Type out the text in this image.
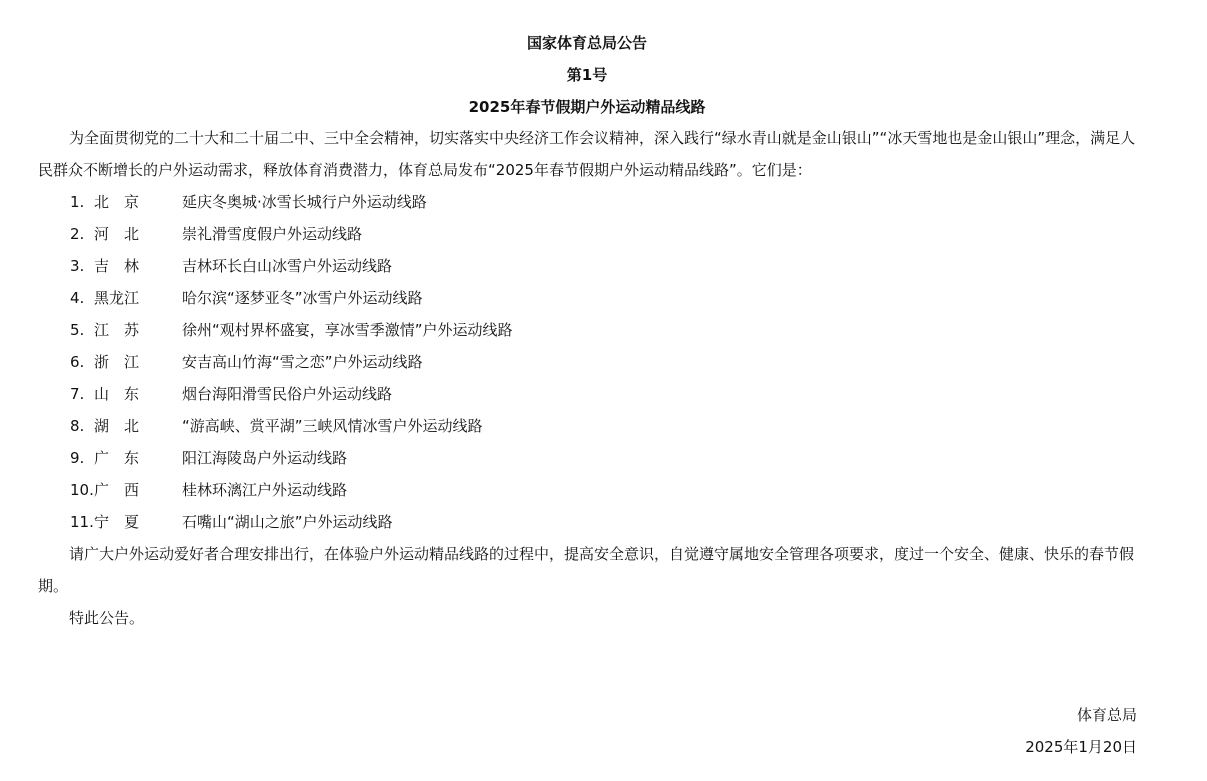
国家体育总局公告
第1号
2025年春节假期户外运动精品线路

为全面贯彻党的二十大和二十届二中、三中全会精神，切实落实中央经济工作会议精神，深入践行“绿水青山就是金山银山”“冰天雪地也是金山银山”理念，满足人民群众不断增长的户外运动需求，释放体育消费潜力，体育总局发布“2025年春节假期户外运动精品线路”。它们是：

1. 北　京	延庆冬奥城·冰雪长城行户外运动线路
2. 河　北	崇礼滑雪度假户外运动线路
3. 吉　林	吉林环长白山冰雪户外运动线路
4. 黑龙江	哈尔滨“逐梦亚冬”冰雪户外运动线路
5. 江　苏	徐州“观村界杯盛宴，享冰雪季激情”户外运动线路
6. 浙　江	安吉高山竹海“雪之恋”户外运动线路
7. 山　东	烟台海阳滑雪民俗户外运动线路
8. 湖　北	“游高峡、赏平湖”三峡风情冰雪户外运动线路
9. 广　东	阳江海陵岛户外运动线路
10. 广　西	桂林环漓江户外运动线路
11. 宁　夏	石嘴山“湖山之旅”户外运动线路

请广大户外运动爱好者合理安排出行，在体验户外运动精品线路的过程中，提高安全意识，自觉遵守属地安全管理各项要求，度过一个安全、健康、快乐的春节假期。

特此公告。

体育总局
2025年1月20日
